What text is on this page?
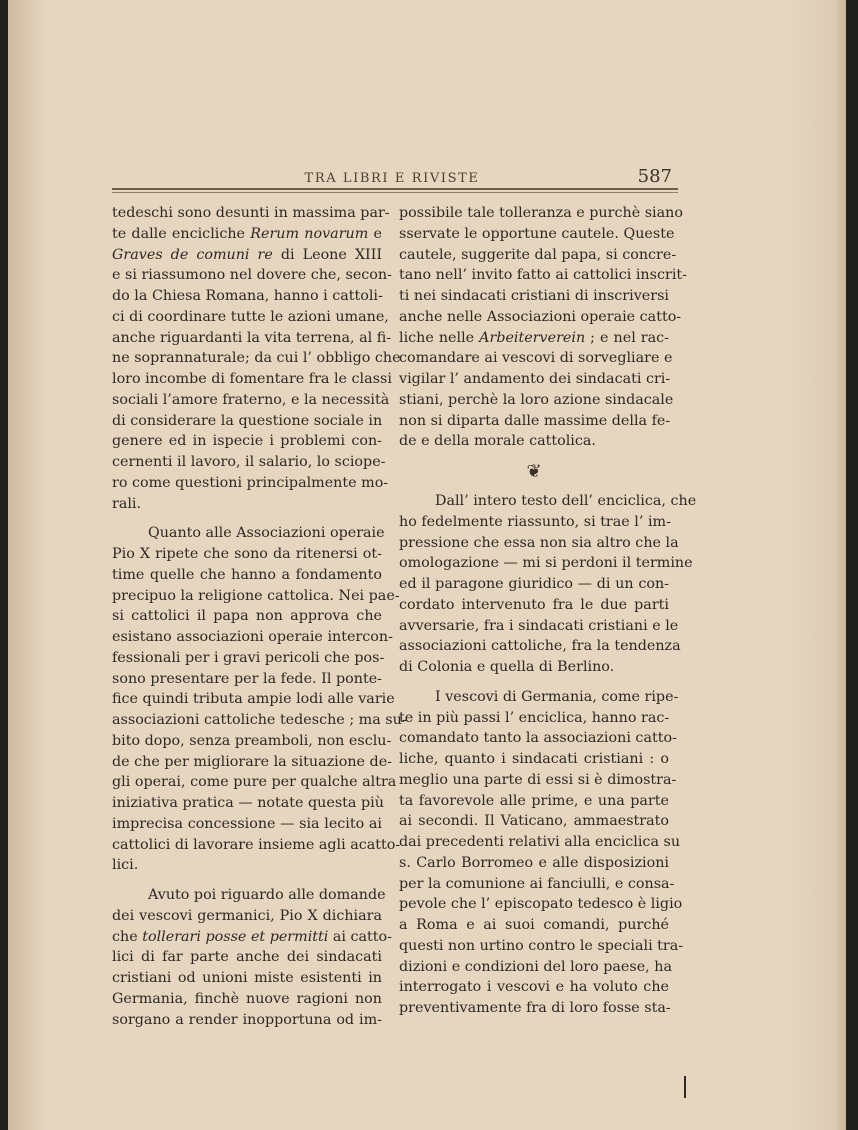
TRA LIBRI E RIVISTE	587
tedeschi sono desunti in massima par-
te dalle encicliche Rerum novarum e
Graves de comuni re di Leone XIII
e si riassumono nel dovere che, secon-
do la Chiesa Romana, hanno i cattoli-
ci di coordinare tutte le azioni umane,
anche riguardanti la vita terrena, al fi-
ne soprannaturale; da cui l’ obbligo che
loro incombe di fomentare fra le classi
sociali l’amore fraterno, e la necessità
di considerare la questione sociale in
genere ed in ispecie i problemi con-
cernenti il lavoro, il salario, lo sciope-
ro come questioni principalmente mo-
rali.
Quanto alle Associazioni operaie
Pio X ripete che sono da ritenersi ot-
time quelle che hanno a fondamento
precipuo la religione cattolica. Nei pae-
si cattolici il papa non approva che
esistano associazioni operaie intercon-
fessionali per i gravi pericoli che pos-
sono presentare per la fede. Il ponte-
fice quindi tributa ampie lodi alle varie
associazioni cattoliche tedesche ; ma su-
bito dopo, senza preamboli, non esclu-
de che per migliorare la situazione de-
gli operai, come pure per qualche altra
iniziativa pratica — notate questa più
imprecisa concessione — sia lecito ai
cattolici di lavorare insieme agli acatto-
lici.
Avuto poi riguardo alle domande
dei vescovi germanici, Pio X dichiara
che tollerari posse et permitti ai catto-
lici di far parte anche dei sindacati
cristiani od unioni miste esistenti in
Germania, finchè nuove ragioni non
sorgano a render inopportuna od im-
possibile tale tolleranza e purchè siano
sservate le opportune cautele. Queste
cautele, suggerite dal papa, si concre-
tano nell’ invito fatto ai cattolici inscrit-
ti nei sindacati cristiani di inscriversi
anche nelle Associazioni operaie catto-
liche nelle Arbeiterverein ; e nel rac-
comandare ai vescovi di sorvegliare e
vigilar l’ andamento dei sindacati cri-
stiani, perchè la loro azione sindacale
non si diparta dalle massime della fe-
de e della morale cattolica.
❦
Dall’ intero testo dell’ enciclica, che
ho fedelmente riassunto, si trae l’ im-
pressione che essa non sia altro che la
omologazione — mi si perdoni il termine
ed il paragone giuridico — di un con-
cordato intervenuto fra le due parti
avversarie, fra i sindacati cristiani e le
associazioni cattoliche, fra la tendenza
di Colonia e quella di Berlino.
I vescovi di Germania, come ripe-
te in più passi l’ enciclica, hanno rac-
comandato tanto la associazioni catto-
liche, quanto i sindacati cristiani : o
meglio una parte di essi si è dimostra-
ta favorevole alle prime, e una parte
ai secondi. Il Vaticano, ammaestrato
dai precedenti relativi alla enciclica su
s. Carlo Borromeo e alle disposizioni
per la comunione ai fanciulli, e consa-
pevole che l’ episcopato tedesco è ligio
a Roma e ai suoi comandi, purché
questi non urtino contro le speciali tra-
dizioni e condizioni del loro paese, ha
interrogato i vescovi e ha voluto che
preventivamente fra di loro fosse sta-
